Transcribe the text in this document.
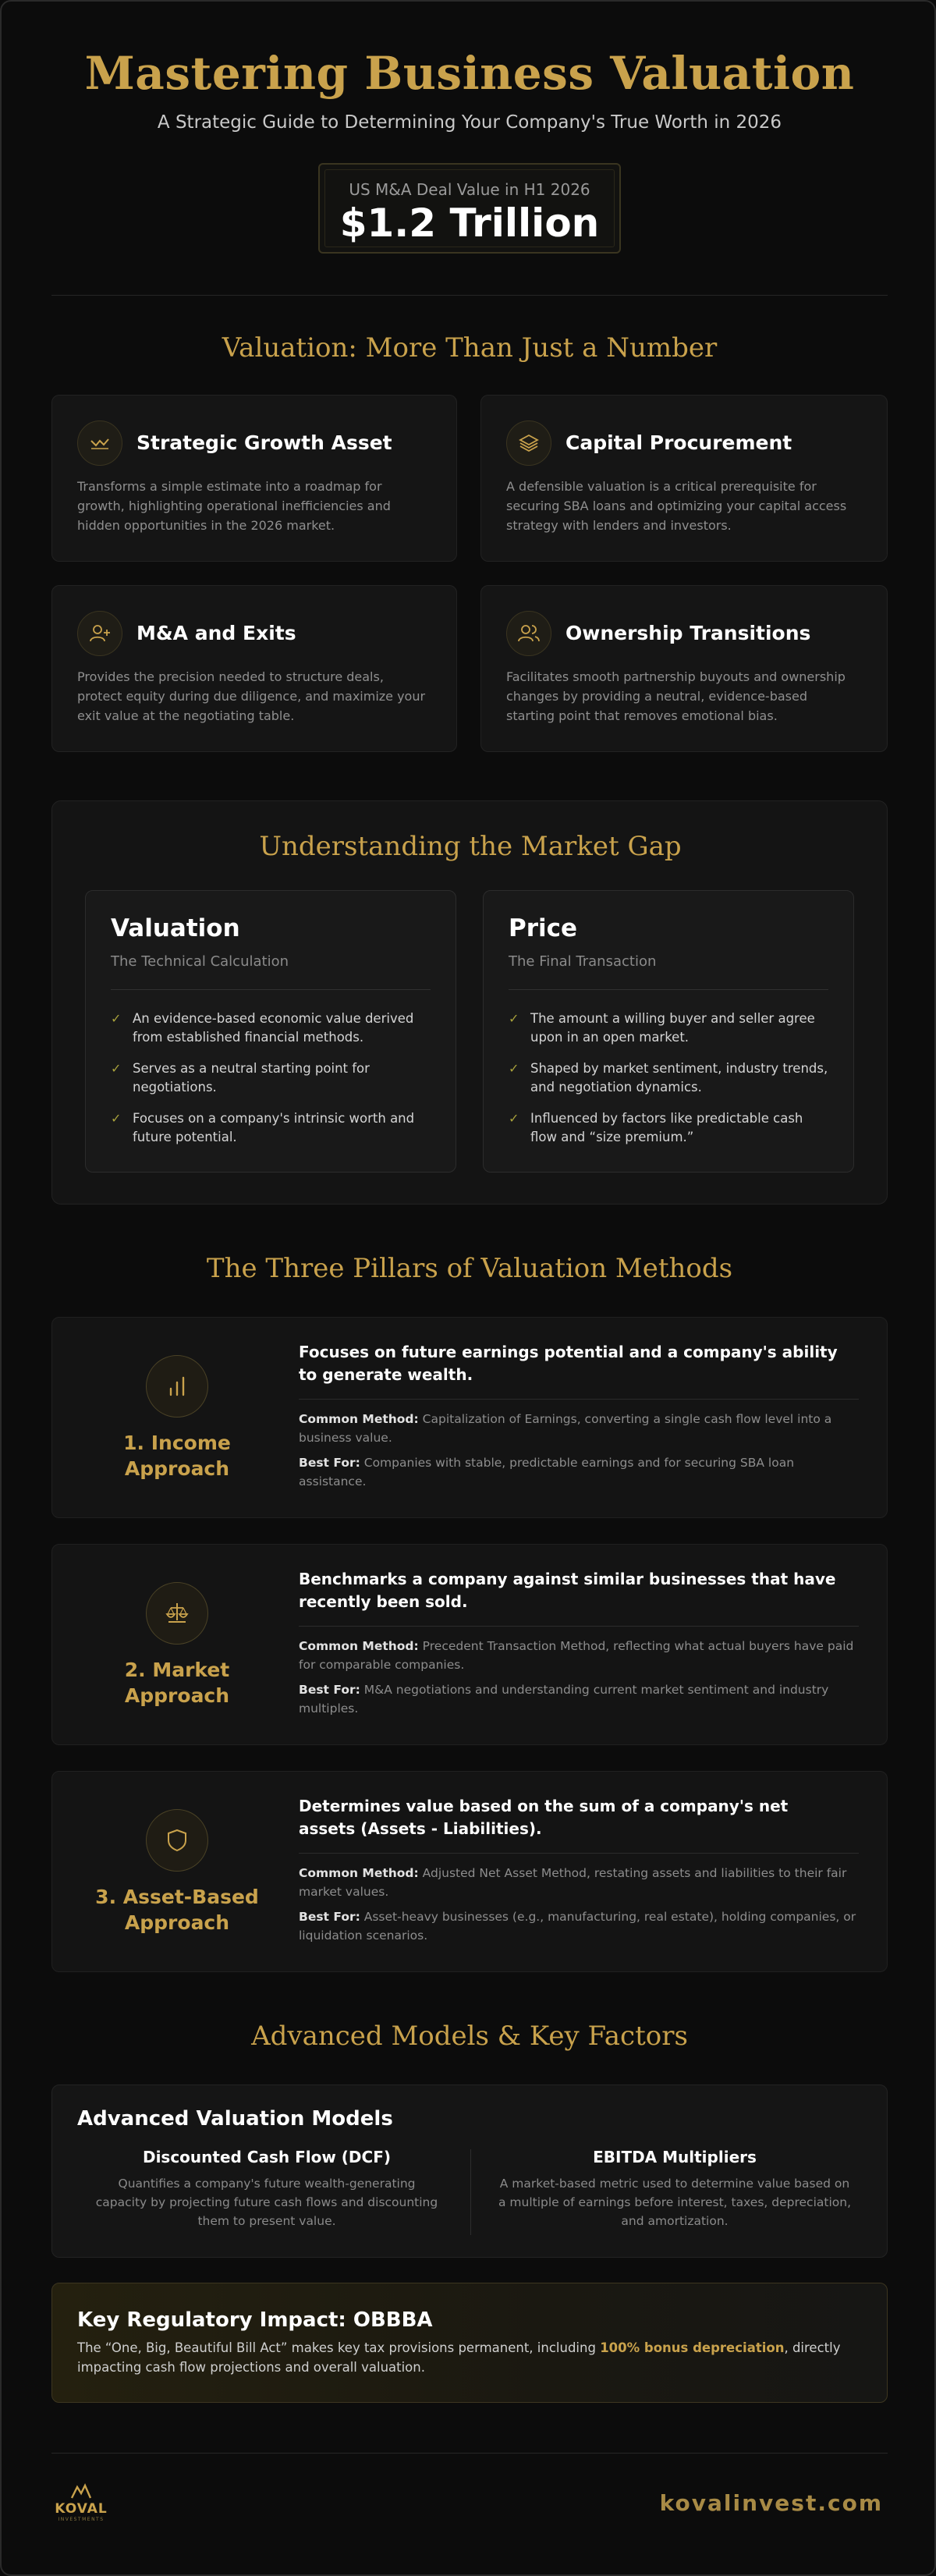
Mastering Business Valuation
A Strategic Guide to Determining Your Company's True Worth in 2026
US M&A Deal Value in H1 2026
$1.2 Trillion
Valuation: More Than Just a Number
Strategic Growth Asset
Transforms a simple estimate into a roadmap for growth, highlighting operational inefficiencies and hidden opportunities in the 2026 market.
Capital Procurement
A defensible valuation is a critical prerequisite for securing SBA loans and optimizing your capital access strategy with lenders and investors.
M&A and Exits
Provides the precision needed to structure deals, protect equity during due diligence, and maximize your exit value at the negotiating table.
Ownership Transitions
Facilitates smooth partnership buyouts and ownership changes by providing a neutral, evidence-based starting point that removes emotional bias.
Understanding the Market Gap
Valuation
The Technical Calculation
✓ An evidence-based economic value derived from established financial methods.
✓ Serves as a neutral starting point for negotiations.
✓ Focuses on a company's intrinsic worth and future potential.
Price
The Final Transaction
✓ The amount a willing buyer and seller agree upon in an open market.
✓ Shaped by market sentiment, industry trends, and negotiation dynamics.
✓ Influenced by factors like predictable cash flow and “size premium.”
The Three Pillars of Valuation Methods
1. Income Approach
Focuses on future earnings potential and a company's ability to generate wealth.
Common Method: Capitalization of Earnings, converting a single cash flow level into a business value.
Best For: Companies with stable, predictable earnings and for securing SBA loan assistance.
2. Market Approach
Benchmarks a company against similar businesses that have recently been sold.
Common Method: Precedent Transaction Method, reflecting what actual buyers have paid for comparable companies.
Best For: M&A negotiations and understanding current market sentiment and industry multiples.
3. Asset-Based Approach
Determines value based on the sum of a company's net assets (Assets - Liabilities).
Common Method: Adjusted Net Asset Method, restating assets and liabilities to their fair market values.
Best For: Asset-heavy businesses (e.g., manufacturing, real estate), holding companies, or liquidation scenarios.
Advanced Models & Key Factors
Advanced Valuation Models
Discounted Cash Flow (DCF)
Quantifies a company's future wealth-generating capacity by projecting future cash flows and discounting them to present value.
EBITDA Multipliers
A market-based metric used to determine value based on a multiple of earnings before interest, taxes, depreciation, and amortization.
Key Regulatory Impact: OBBBA
The “One, Big, Beautiful Bill Act” makes key tax provisions permanent, including 100% bonus depreciation, directly impacting cash flow projections and overall valuation.
KOVAL
INVESTMENTS
kovalinvest.com
